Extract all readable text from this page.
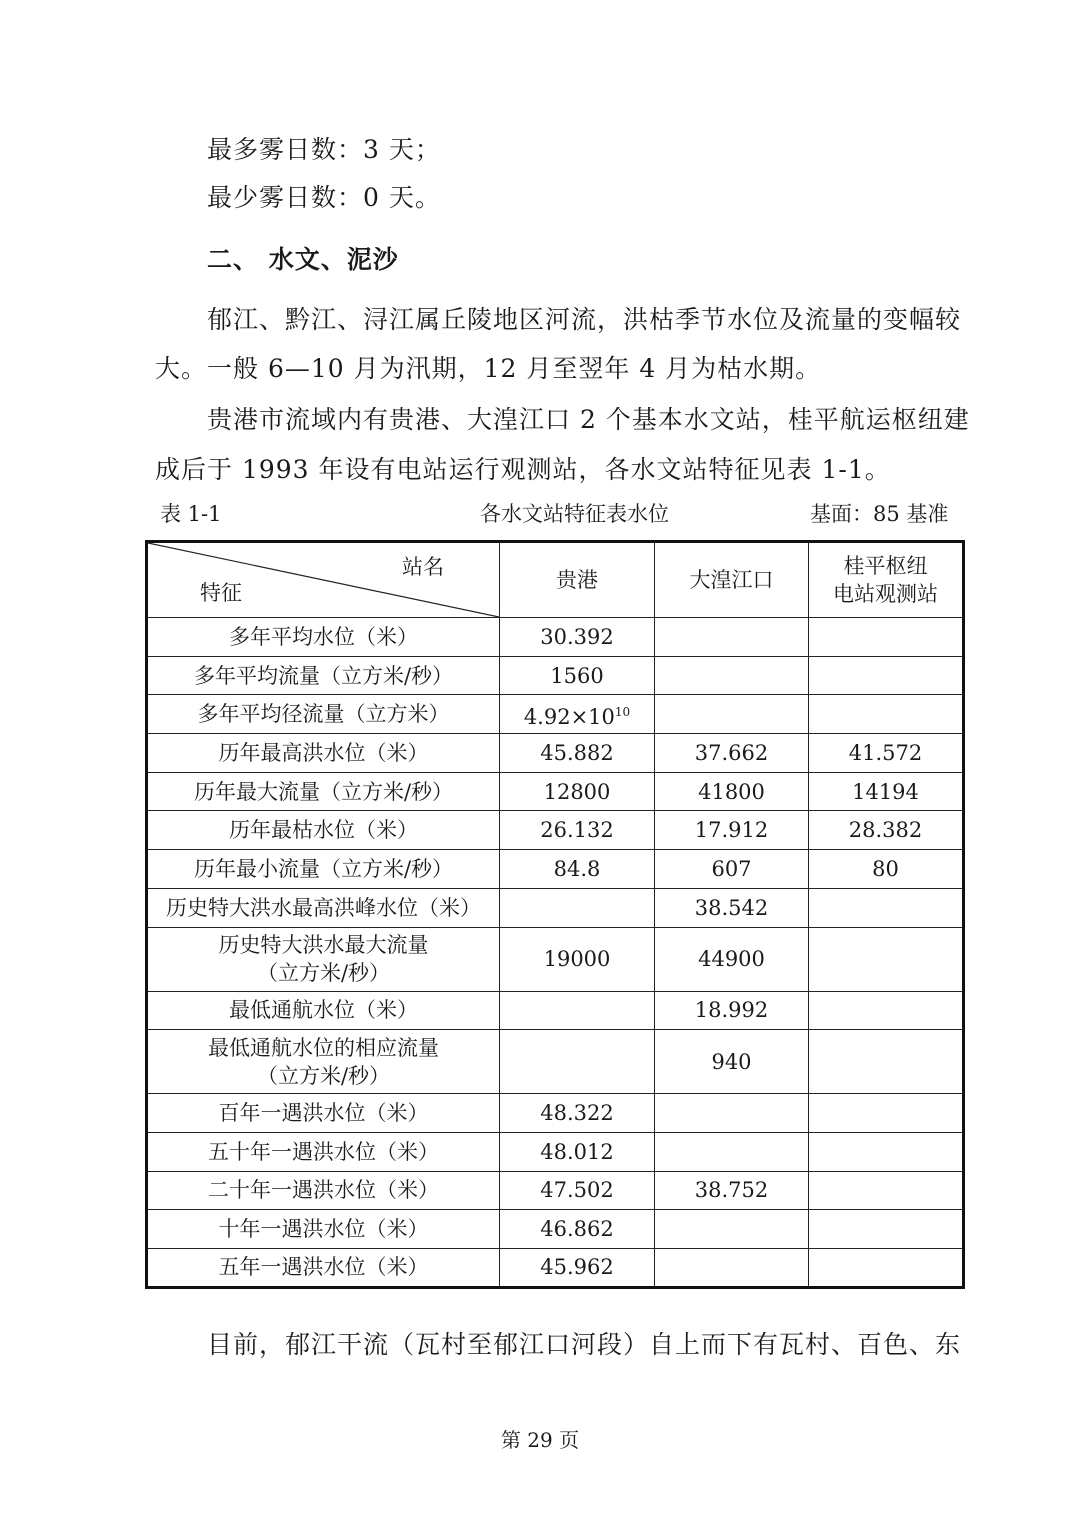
最多雾日数：3 天；
最少雾日数：0 天。
二、 水文、泥沙
郁江、黔江、浔江属丘陵地区河流，洪枯季节水位及流量的变幅较
大。一般 6—10 月为汛期，12 月至翌年 4 月为枯水期。
贵港市流域内有贵港、大湟江口 2 个基本水文站，桂平航运枢纽建
成后于 1993 年设有电站运行观测站，各水文站特征见表 1-1。
表 1-1	各水文站特征表水位	基面：85 基准
站名
特征	贵港	大湟江口	桂平枢纽
电站观测站
多年平均水位（米）	30.392		
多年平均流量（立方米/秒）	1560		
多年平均径流量（立方米）	$4.92\times 10^{10}$		
历年最高洪水位（米）	45.882	37.662	41.572
历年最大流量（立方米/秒）	12800	41800	14194
历年最枯水位（米）	26.132	17.912	28.382
历年最小流量（立方米/秒）	84.8	607	80
历史特大洪水最高洪峰水位（米）		38.542	
历史特大洪水最大流量
（立方米/秒）	19000	44900	
最低通航水位（米）		18.992	
最低通航水位的相应流量
（立方米/秒）		940	
百年一遇洪水位（米）	48.322		
五十年一遇洪水位（米）	48.012		
二十年一遇洪水位（米）	47.502	38.752	
十年一遇洪水位（米）	46.862		
五年一遇洪水位（米）	45.962		
目前，郁江干流（瓦村至郁江口河段）自上而下有瓦村、百色、东
第 29 页
